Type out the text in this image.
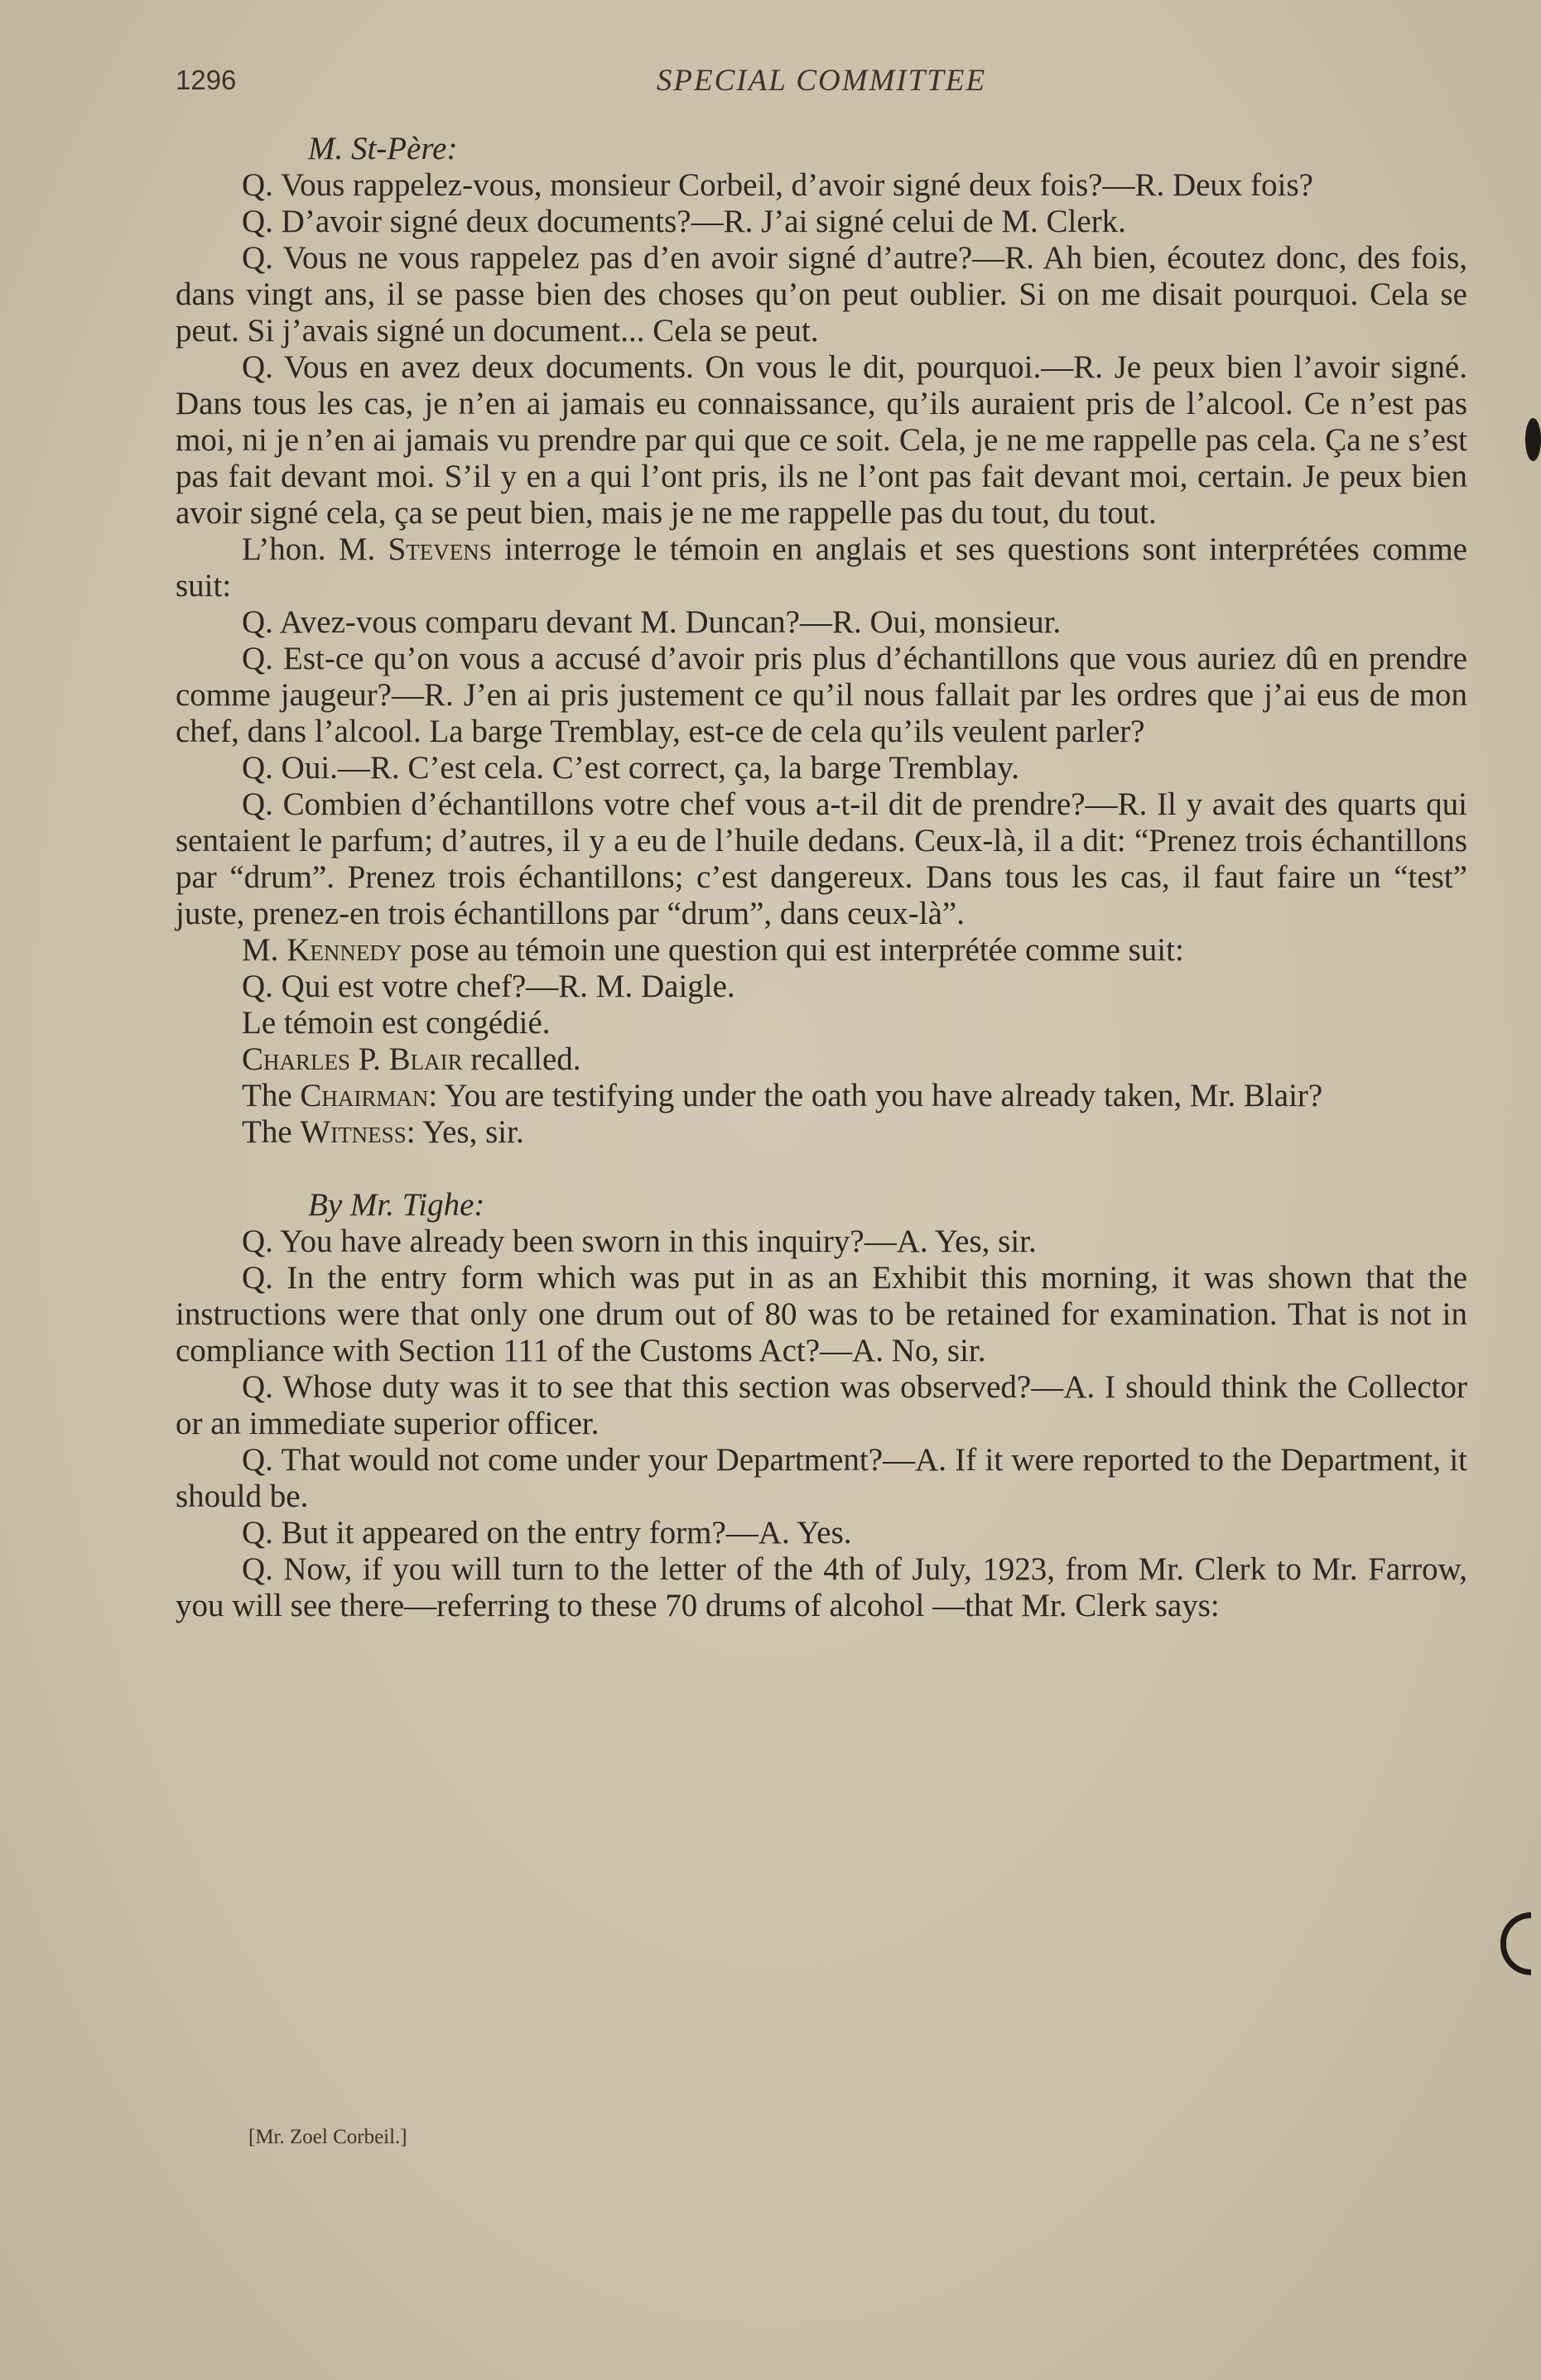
1296	SPECIAL COMMITTEE

M. St-Père:

Q. Vous rappelez-vous, monsieur Corbeil, d’avoir signé deux fois?—R. Deux fois?

Q. D’avoir signé deux documents?—R. J’ai signé celui de M. Clerk.

Q. Vous ne vous rappelez pas d’en avoir signé d’autre?—R. Ah bien, écoutez donc, des fois, dans vingt ans, il se passe bien des choses qu’on peut oublier. Si on me disait pourquoi. Cela se peut. Si j’avais signé un document... Cela se peut.

Q. Vous en avez deux documents. On vous le dit, pourquoi.—R. Je peux bien l’avoir signé. Dans tous les cas, je n’en ai jamais eu connaissance, qu’ils auraient pris de l’alcool. Ce n’est pas moi, ni je n’en ai jamais vu prendre par qui que ce soit. Cela, je ne me rappelle pas cela. Ça ne s’est pas fait devant moi. S’il y en a qui l’ont pris, ils ne l’ont pas fait devant moi, certain. Je peux bien avoir signé cela, ça se peut bien, mais je ne me rappelle pas du tout, du tout.

L’hon. M. Stevens interroge le témoin en anglais et ses questions sont interprétées comme suit:

Q. Avez-vous comparu devant M. Duncan?—R. Oui, monsieur.

Q. Est-ce qu’on vous a accusé d’avoir pris plus d’échantillons que vous auriez dû en prendre comme jaugeur?—R. J’en ai pris justement ce qu’il nous fallait par les ordres que j’ai eus de mon chef, dans l’alcool. La barge Tremblay, est-ce de cela qu’ils veulent parler?

Q. Oui.—R. C’est cela. C’est correct, ça, la barge Tremblay.

Q. Combien d’échantillons votre chef vous a-t-il dit de prendre?—R. Il y avait des quarts qui sentaient le parfum; d’autres, il y a eu de l’huile dedans. Ceux-là, il a dit: “Prenez trois échantillons par “drum”. Prenez trois échantillons; c’est dangereux. Dans tous les cas, il faut faire un “test” juste, prenez-en trois échantillons par “drum”, dans ceux-là”.

M. Kennedy pose au témoin une question qui est interprétée comme suit:

Q. Qui est votre chef?—R. M. Daigle.

Le témoin est congédié.

Charles P. Blair recalled.

The Chairman: You are testifying under the oath you have already taken, Mr. Blair?

The Witness: Yes, sir.

By Mr. Tighe:

Q. You have already been sworn in this inquiry?—A. Yes, sir.

Q. In the entry form which was put in as an Exhibit this morning, it was shown that the instructions were that only one drum out of 80 was to be retained for examination. That is not in compliance with Section 111 of the Customs Act?—A. No, sir.

Q. Whose duty was it to see that this section was observed?—A. I should think the Collector or an immediate superior officer.

Q. That would not come under your Department?—A. If it were reported to the Department, it should be.

Q. But it appeared on the entry form?—A. Yes.

Q. Now, if you will turn to the letter of the 4th of July, 1923, from Mr. Clerk to Mr. Farrow, you will see there—referring to these 70 drums of alcohol —that Mr. Clerk says:

[Mr. Zoel Corbeil.]
